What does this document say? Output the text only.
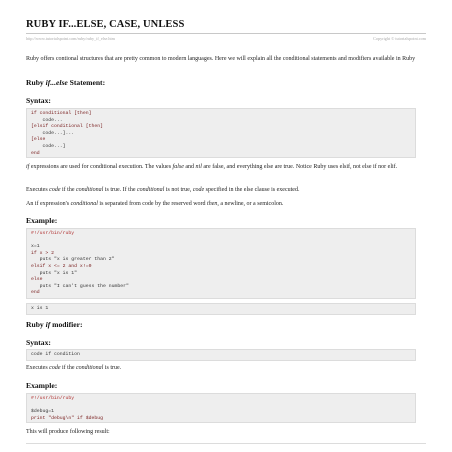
RUBY IF...ELSE, CASE, UNLESS
http://www.tutorialspoint.com/ruby/ruby_if_else.htm	Copyright © tutorialspoint.com
Ruby offers contional structures that are pretty common to modern languages. Here we will explain all the conditional statements and modifiers available in Ruby
Ruby if...else Statement:
Syntax:
if conditional [then]
code...
[elsif conditional [then]
code...]...
[else
code...]
end
if expressions are used for conditional execution. The values false and nil are false, and everything else are true. Notice Ruby uses elsif, not else if nor elif.
Executes code if the conditional is true. If the conditional is not true, code specified in the else clause is executed.
An if expression's conditional is separated from code by the reserved word then, a newline, or a semicolon.
Example:
#!/usr/bin/ruby
x=1
if x > 2
puts "x is greater than 2"
elsif x <= 2 and x!=0
puts "x is 1"
else
puts "I can't guess the number"
end
x is 1
Ruby if modifier:
Syntax:
code if condition
Executes code if the conditional is true.
Example:
#!/usr/bin/ruby
$debug=1
print "debug\n" if $debug
This will produce following result:
